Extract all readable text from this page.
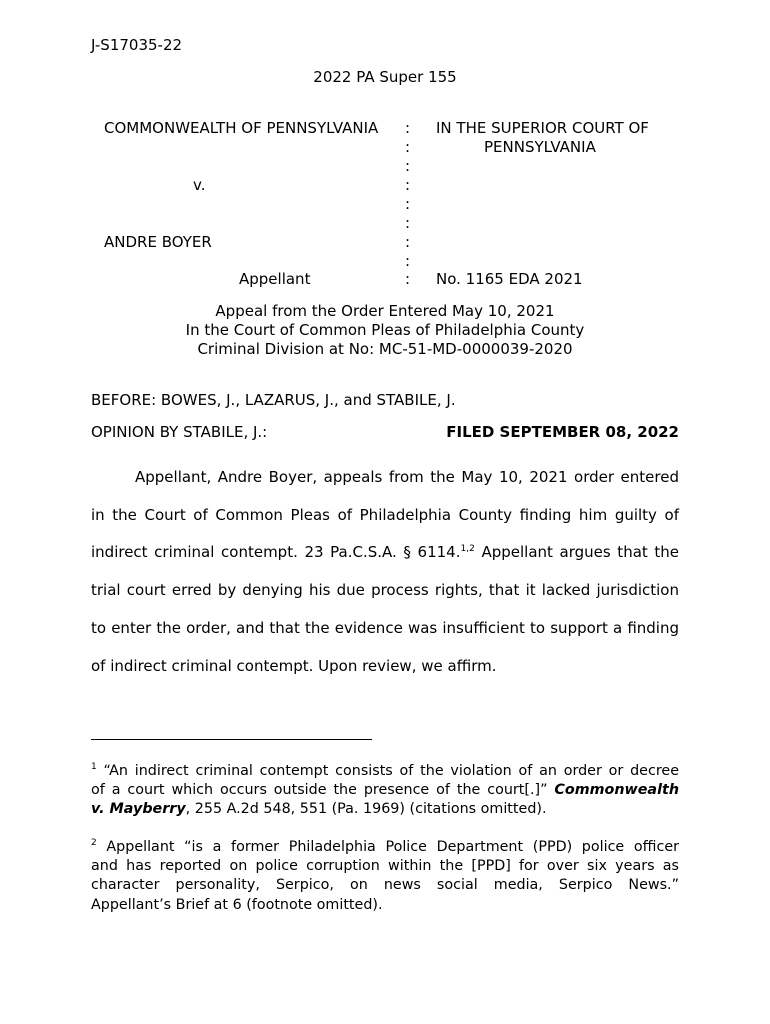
J-S17035-22
2022 PA Super 155
COMMONWEALTH OF PENNSYLVANIA
v.
ANDRE BOYER
Appellant
:
:
:
:
:
:
:
:
:
IN THE SUPERIOR COURT OF
PENNSYLVANIA
No. 1165 EDA 2021
Appeal from the Order Entered May 10, 2021
In the Court of Common Pleas of Philadelphia County
Criminal Division at No: MC-51-MD-0000039-2020
BEFORE: BOWES, J., LAZARUS, J., and STABILE, J.
OPINION BY STABILE, J.:	FILED SEPTEMBER 08, 2022
Appellant, Andre Boyer, appeals from the May 10, 2021 order entered
in the Court of Common Pleas of Philadelphia County finding him guilty of
indirect criminal contempt. 23 Pa.C.S.A. § 6114.$^{1,2}$ Appellant argues that the
trial court erred by denying his due process rights, that it lacked jurisdiction
to enter the order, and that the evidence was insufficient to support a finding
of indirect criminal contempt. Upon review, we affirm.
$^1$ “An indirect criminal contempt consists of the violation of an order or decree
of a court which occurs outside the presence of the court[.]” Commonwealth
v. Mayberry, 255 A.2d 548, 551 (Pa. 1969) (citations omitted).
$^2$ Appellant “is a former Philadelphia Police Department (PPD) police officer
and has reported on police corruption within the [PPD] for over six years as
character personality, Serpico, on news social media, Serpico News.”
Appellant’s Brief at 6 (footnote omitted).
